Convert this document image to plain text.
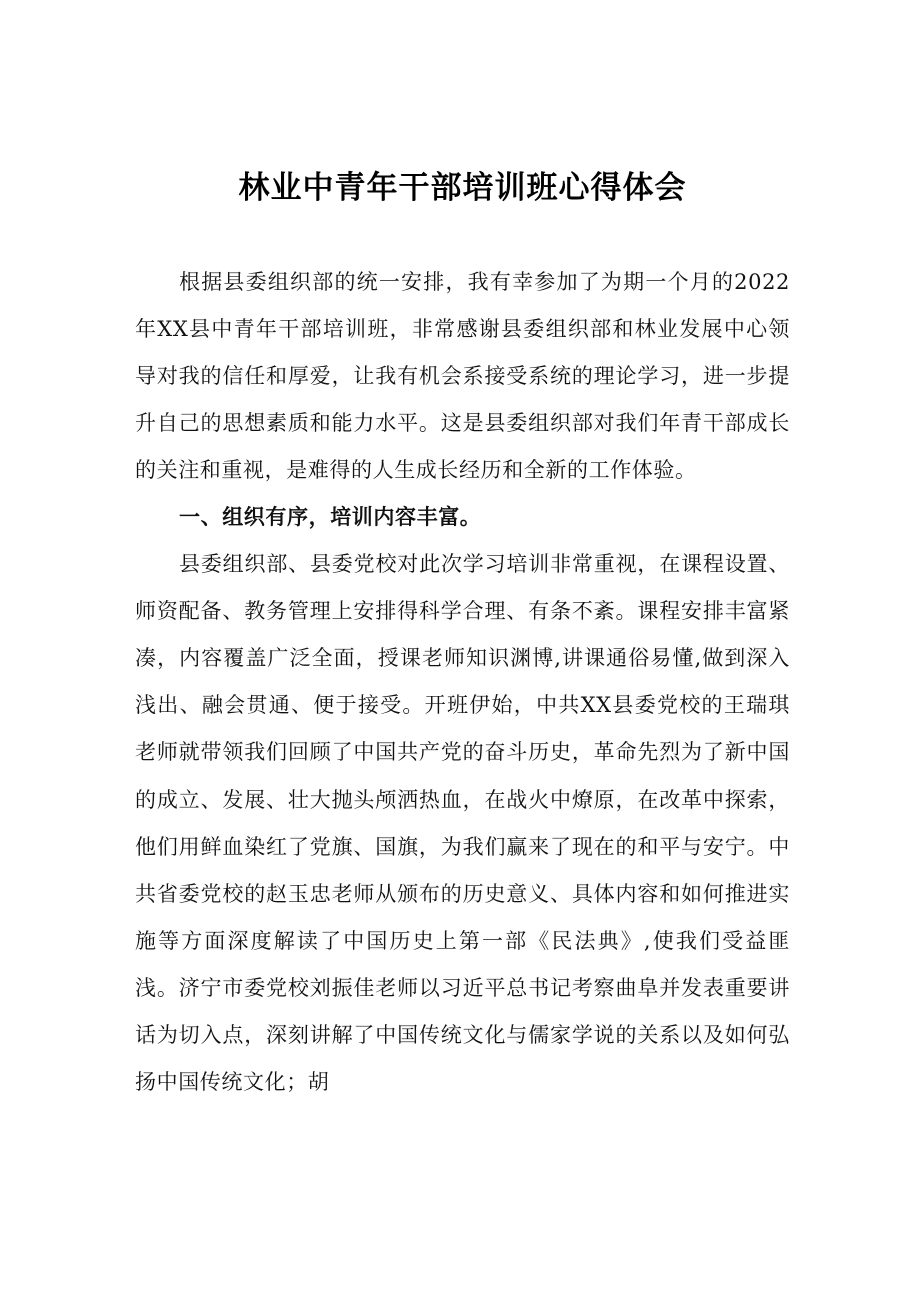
林业中青年干部培训班心得体会

根据县委组织部的统一安排，我有幸参加了为期一个月的2022年XX县中青年干部培训班，非常感谢县委组织部和林业发展中心领导对我的信任和厚爱，让我有机会系接受系统的理论学习，进一步提升自己的思想素质和能力水平。这是县委组织部对我们年青干部成长的关注和重视，是难得的人生成长经历和全新的工作体验。

一、组织有序，培训内容丰富。

县委组织部、县委党校对此次学习培训非常重视，在课程设置、师资配备、教务管理上安排得科学合理、有条不紊。课程安排丰富紧凑，内容覆盖广泛全面，授课老师知识渊博,讲课通俗易懂,做到深入浅出、融会贯通、便于接受。开班伊始，中共XX县委党校的王瑞琪老师就带领我们回顾了中国共产党的奋斗历史，革命先烈为了新中国的成立、发展、壮大抛头颅洒热血，在战火中燎原，在改革中探索，他们用鲜血染红了党旗、国旗，为我们赢来了现在的和平与安宁。中共省委党校的赵玉忠老师从颁布的历史意义、具体内容和如何推进实施等方面深度解读了中国历史上第一部《民法典》,使我们受益匪浅。济宁市委党校刘振佳老师以习近平总书记考察曲阜并发表重要讲话为切入点，深刻讲解了中国传统文化与儒家学说的关系以及如何弘扬中国传统文化；胡
